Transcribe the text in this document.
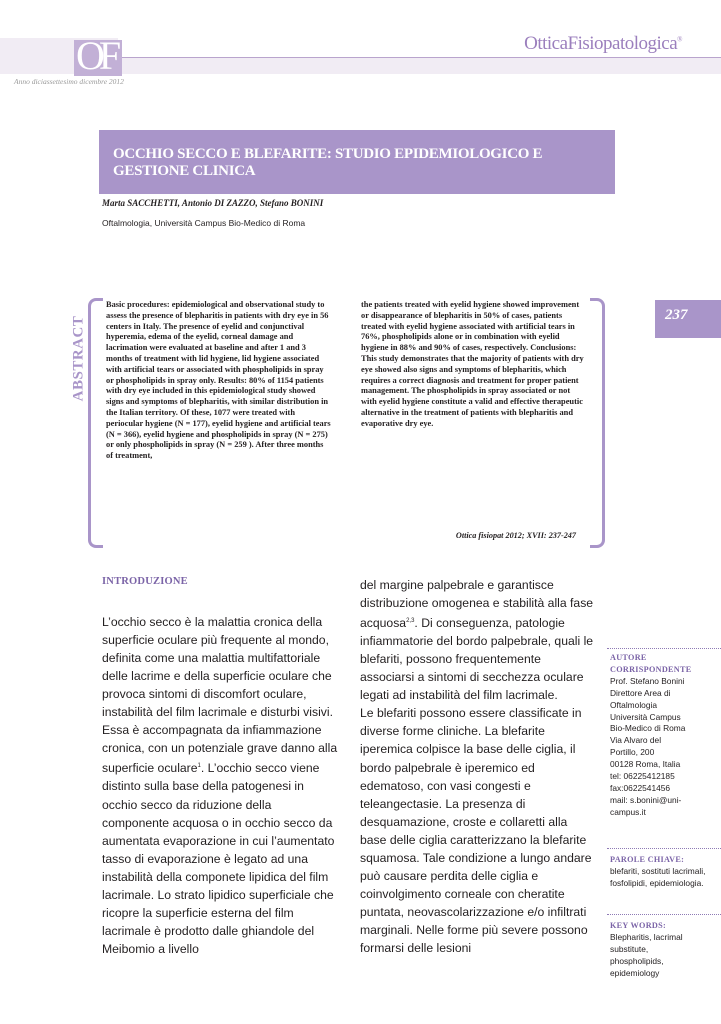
OF
Anno diciassettesimo dicembre 2012
OtticaFisiopatologica®
OCCHIO SECCO E BLEFARITE: STUDIO EPIDEMIOLOGICO E GESTIONE CLINICA
Marta SACCHETTI, Antonio DI ZAZZO, Stefano BONINI
Oftalmologia, Università Campus Bio-Medico di Roma
ABSTRACT
Basic procedures: epidemiological and observational study to assess the presence of blepharitis in patients with dry eye in 56 centers in Italy. The presence of eyelid and conjunctival hyperemia, edema of the eyelid, corneal damage and lacrimation were evaluated at baseline and after 1 and 3 months of treatment with lid hygiene, lid hygiene associated with artificial tears or associated with phospholipids in spray or phospholipids in spray only. Results: 80% of 1154 patients with dry eye included in this epidemiological study showed signs and symptoms of blepharitis, with similar distribution in the Italian territory. Of these, 1077 were treated with periocular hygiene (N = 177), eyelid hygiene and artificial tears (N = 366), eyelid hygiene and phospholipids in spray (N = 275) or only phospholipids in spray (N = 259 ). After three months of treatment,
the patients treated with eyelid hygiene showed improvement or disappearance of blepharitis in 50% of cases, patients treated with eyelid hygiene associated with artificial tears in 76%, phospholipids alone or in combination with eyelid hygiene in 88% and 90% of cases, respectively. Conclusions: This study demonstrates that the majority of patients with dry eye showed also signs and symptoms of blepharitis, which requires a correct diagnosis and treatment for proper patient management. The phospholipids in spray associated or not with eyelid hygiene constitute a valid and effective therapeutic alternative in the treatment of patients with blepharitis and evaporative dry eye.
Ottica fisiopat 2012; XVII: 237-247
237
INTRODUZIONE
L’occhio secco è la malattia cronica della superficie oculare più frequente al mondo, definita come una malattia multifattoriale delle lacrime e della superficie oculare che provoca sintomi di discomfort oculare, instabilità del film lacrimale e disturbi visivi. Essa è accompagnata da infiammazione cronica, con un potenziale grave danno alla superficie oculare$^1$. L’occhio secco viene distinto sulla base della patogenesi in occhio secco da riduzione della componente acquosa o in occhio secco da aumentata evaporazione in cui l’aumentato tasso di evaporazione è legato ad una instabilità della componete lipidica del film lacrimale. Lo strato lipidico superficiale che ricopre la superficie esterna del film lacrimale è prodotto dalle ghiandole del Meibomio a livello
del margine palpebrale e garantisce distribuzione omogenea e stabilità alla fase acquosa$^{2,3}$. Di conseguenza, patologie infiammatorie del bordo palpebrale, quali le blefariti, possono frequentemente associarsi a sintomi di secchezza oculare legati ad instabilità del film lacrimale.
Le blefariti possono essere classificate in diverse forme cliniche. La blefarite iperemica colpisce la base delle ciglia, il bordo palpebrale è iperemico ed edematoso, con vasi congesti e teleangectasie. La presenza di desquamazione, croste e collaretti alla base delle ciglia caratterizzano la blefarite squamosa. Tale condizione a lungo andare può causare perdita delle ciglia e coinvolgimento corneale con cheratite puntata, neovascolarizzazione e/o infiltrati marginali. Nelle forme più severe possono formarsi delle lesioni
AUTORE CORRISPONDENTE
Prof. Stefano Bonini
Direttore Area di
Oftalmologia
Università Campus
Bio-Medico di Roma
Via Alvaro del
Portillo, 200
00128 Roma, Italia
tel: 06225412185
fax:0622541456
mail: s.bonini@uni-
campus.it
PAROLE CHIAVE:
blefariti, sostituti lacrimali, fosfolipidi, epidemiologia.
KEY WORDS:
Blepharitis, lacrimal substitute, phospholipids, epidemiology
